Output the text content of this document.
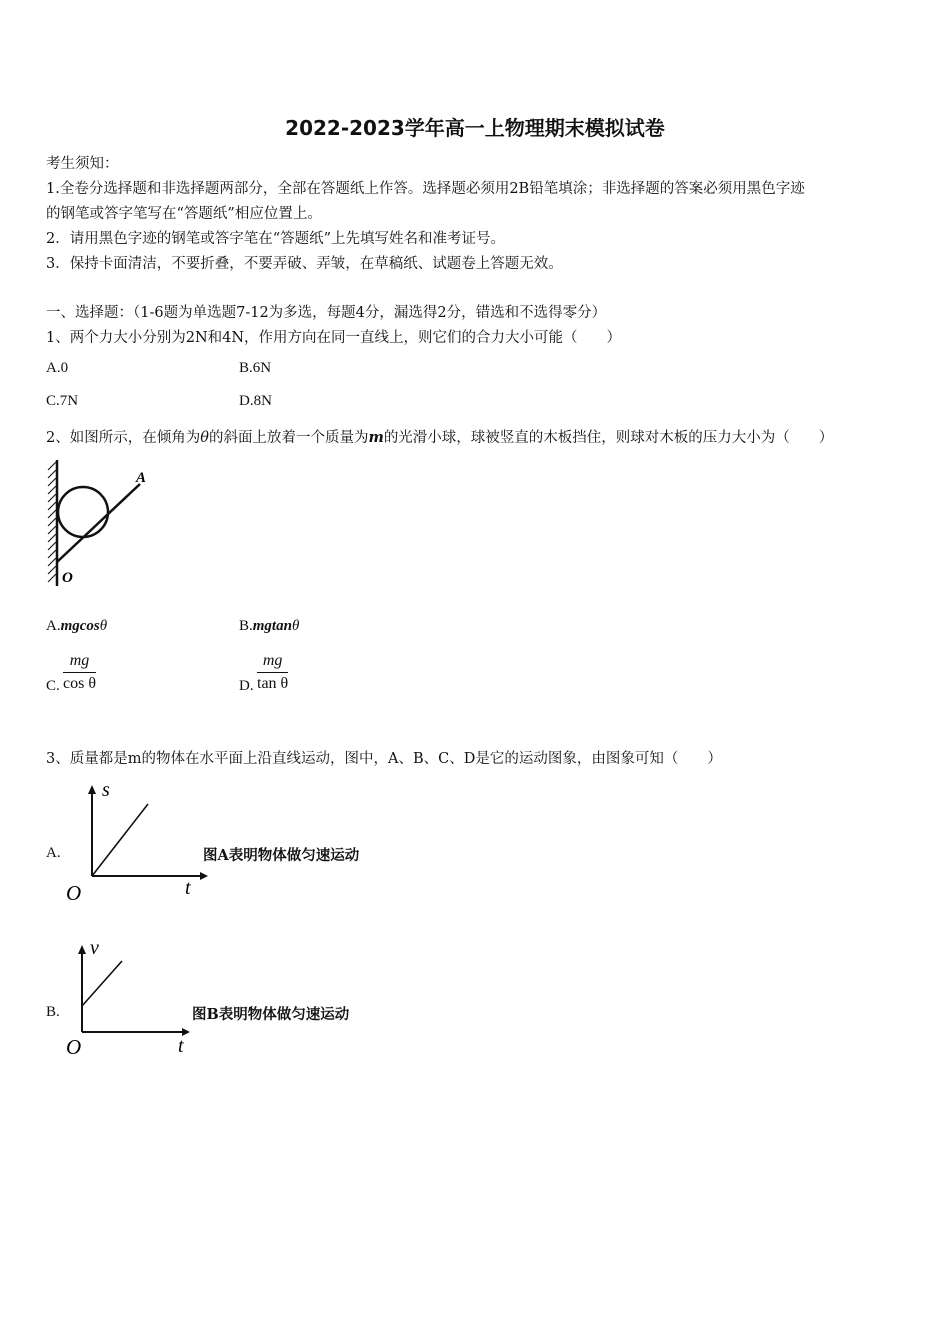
2022-2023学年高一上物理期末模拟试卷
考生须知：
1.全卷分选择题和非选择题两部分，全部在答题纸上作答。选择题必须用2B铅笔填涂；非选择题的答案必须用黑色字迹
的钢笔或答字笔写在“答题纸”相应位置上。
2．请用黑色字迹的钢笔或答字笔在“答题纸”上先填写姓名和准考证号。
3．保持卡面清洁，不要折叠，不要弄破、弄皱，在草稿纸、试题卷上答题无效。
一、选择题：（1-6题为单选题7-12为多选，每题4分，漏选得2分，错选和不选得零分）
1、两个力大小分别为2N和4N，作用方向在同一直线上，则它们的合力大小可能（　　）
A.0	B.6N
C.7N	D.8N
2、如图所示，在倾角为θ的斜面上放着一个质量为m的光滑小球，球被竖直的木板挡住，则球对木板的压力大小为（　　）
A
O
A.mgcosθ	B.mgtanθ
C. $\frac{mg}{\text{cos θ}}$	D. $\frac{mg}{\text{tan θ}}$
3、质量都是m的物体在水平面上沿直线运动，图中，A、B、C、D是它的运动图象，由图象可知（　　）
A.
s
t
O
图A表明物体做匀速运动
B.
v
t
O
图B表明物体做匀速运动
